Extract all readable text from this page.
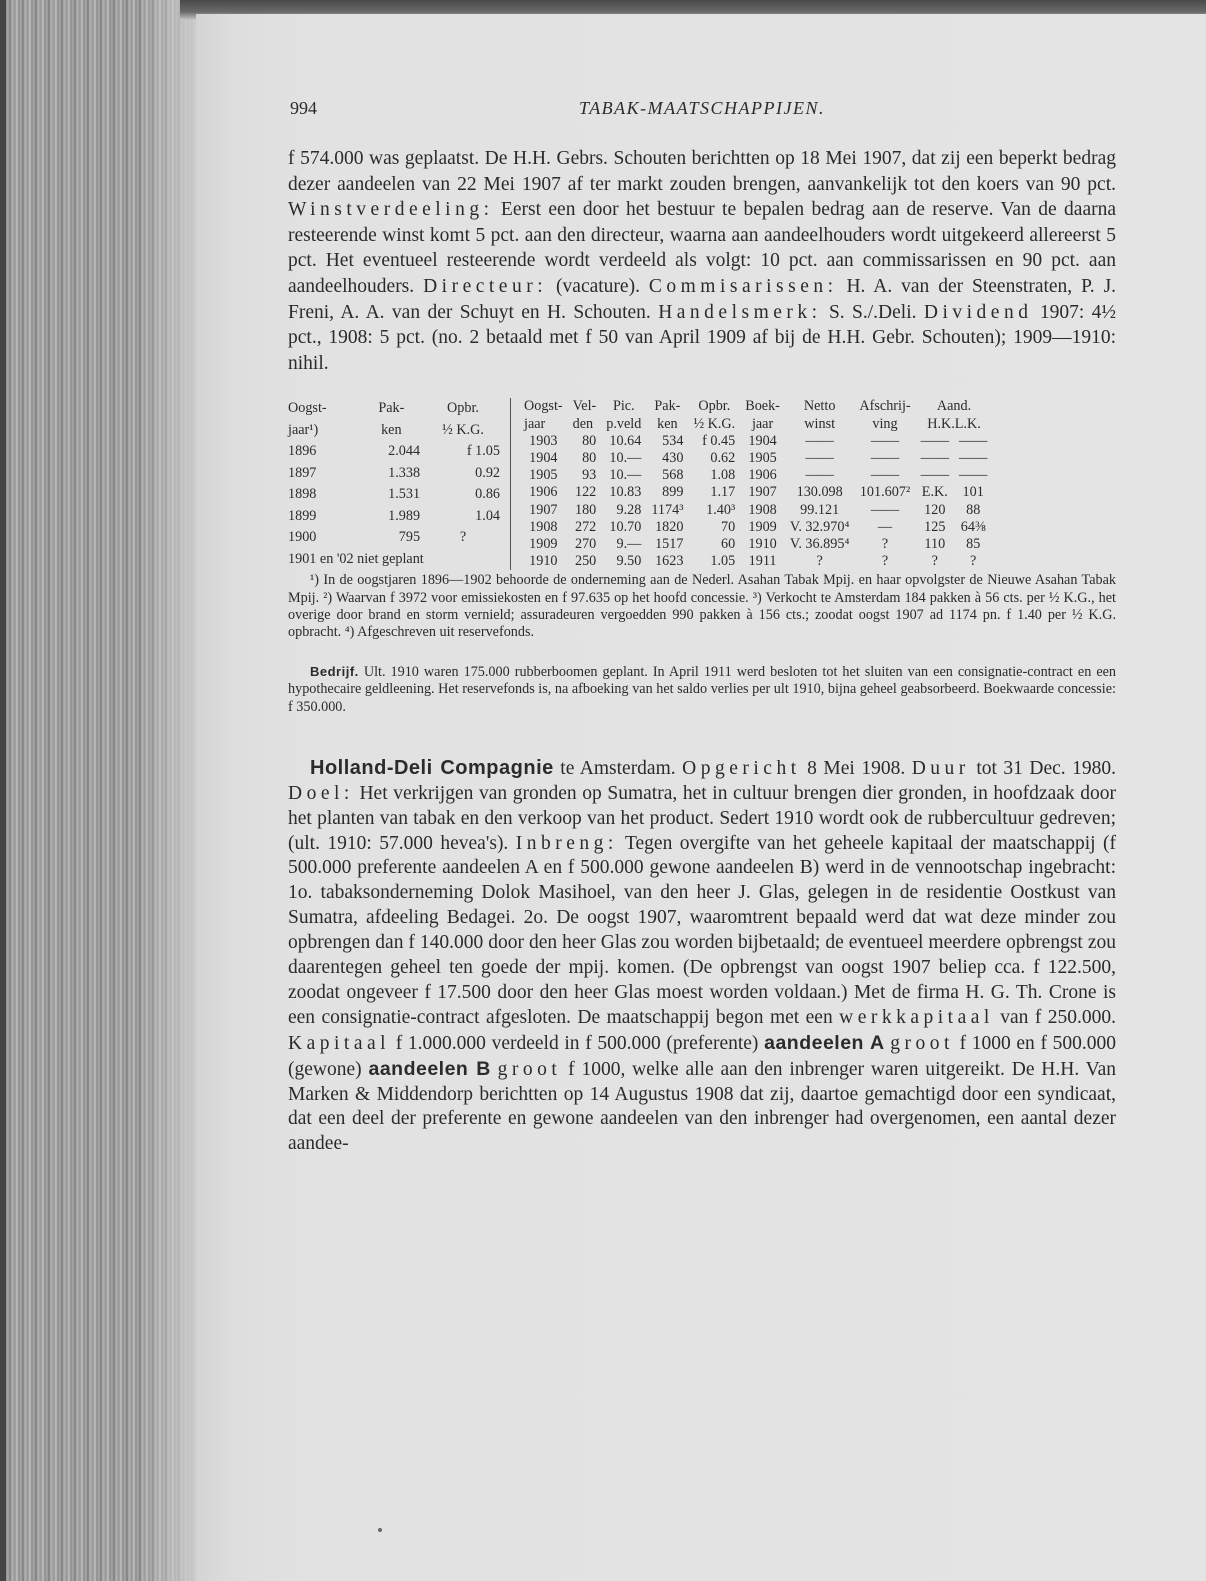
994	TABAK-MAATSCHAPPIJEN.

f 574.000 was geplaatst. De H.H. Gebrs. Schouten berichtten op 18 Mei 1907, dat zij een beperkt bedrag dezer aandeelen van 22 Mei 1907 af ter markt zouden brengen, aanvankelijk tot den koers van 90 pct. Winstverdeeling: Eerst een door het bestuur te bepalen bedrag aan de reserve. Van de daarna resteerende winst komt 5 pct. aan den directeur, waarna aan aandeelhouders wordt uitgekeerd allereerst 5 pct. Het eventueel resteerende wordt verdeeld als volgt: 10 pct. aan commissarissen en 90 pct. aan aandeelhouders. Directeur: (vacature). Commisarissen: H. A. van der Steenstraten, P. J. Freni, A. A. van der Schuyt en H. Schouten. Handelsmerk: S. S./.Deli. Dividend 1907: 4½ pct., 1908: 5 pct. (no. 2 betaald met f 50 van April 1909 af bij de H.H. Gebr. Schouten); 1909—1910: nihil.

Oogst-	Pak-	Opbr.
jaar¹)	ken	½ K.G.
1896	2.044	f 1.05
1897	1.338	0.92
1898	1.531	0.86
1899	1.989	1.04
1900	795	?
1901 en '02 niet geplant		
Oogst-	Vel-	Pic.	Pak-	Opbr.	Boek-	Netto	Afschrij-	Aand.	
jaar	den	p.veld	ken	½ K.G.	jaar	winst	ving	H.K.L.K.	
1903	80	10.64	534	f 0.45	1904	——	——	——	——
1904	80	10.—	430	0.62	1905	——	——	——	——
1905	93	10.—	568	1.08	1906	——	——	——	——
1906	122	10.83	899	1.17	1907	130.098	101.607²	E.K.	101
1907	180	9.28	1174³	1.40³	1908	99.121	——	120	88
1908	272	10.70	1820	70	1909	V. 32.970⁴	—	125	64⅜
1909	270	9.—	1517	60	1910	V. 36.895⁴	?	110	85
1910	250	9.50	1623	1.05	1911	?	?	?	?

¹) In de oogstjaren 1896—1902 behoorde de onderneming aan de Nederl. Asahan Tabak Mpij. en haar opvolgster de Nieuwe Asahan Tabak Mpij. ²) Waarvan f 3972 voor emissiekosten en f 97.635 op het hoofd concessie. ³) Verkocht te Amsterdam 184 pakken à 56 cts. per ½ K.G., het overige door brand en storm vernield; assuradeuren vergoedden 990 pakken à 156 cts.; zoodat oogst 1907 ad 1174 pn. f 1.40 per ½ K.G. opbracht. ⁴) Afgeschreven uit reservefonds.

Bedrijf. Ult. 1910 waren 175.000 rubberboomen geplant. In April 1911 werd besloten tot het sluiten van een consignatie-contract en een hypothecaire geldleening. Het reservefonds is, na afboeking van het saldo verlies per ult 1910, bijna geheel geabsorbeerd. Boekwaarde concessie: f 350.000.

Holland-Deli Compagnie te Amsterdam. Opgericht 8 Mei 1908. Duur tot 31 Dec. 1980. Doel: Het verkrijgen van gronden op Sumatra, het in cultuur brengen dier gronden, in hoofdzaak door het planten van tabak en den verkoop van het product. Sedert 1910 wordt ook de rubbercultuur gedreven; (ult. 1910: 57.000 hevea's). Inbreng: Tegen overgifte van het geheele kapitaal der maatschappij (f 500.000 preferente aandeelen A en f 500.000 gewone aandeelen B) werd in de vennootschap ingebracht: 1o. tabaksonderneming Dolok Masihoel, van den heer J. Glas, gelegen in de residentie Oostkust van Sumatra, afdeeling Bedagei. 2o. De oogst 1907, waaromtrent bepaald werd dat wat deze minder zou opbrengen dan f 140.000 door den heer Glas zou worden bijbetaald; de eventueel meerdere opbrengst zou daarentegen geheel ten goede der mpij. komen. (De opbrengst van oogst 1907 beliep cca. f 122.500, zoodat ongeveer f 17.500 door den heer Glas moest worden voldaan.) Met de firma H. G. Th. Crone is een consignatie-contract afgesloten. De maatschappij begon met een werkkapitaal van f 250.000. Kapitaal f 1.000.000 verdeeld in f 500.000 (preferente) aandeelen A groot f 1000 en f 500.000 (gewone) aandeelen B groot f 1000, welke alle aan den inbrenger waren uitgereikt. De H.H. Van Marken & Middendorp berichtten op 14 Augustus 1908 dat zij, daartoe gemachtigd door een syndicaat, dat een deel der preferente en gewone aandeelen van den inbrenger had overgenomen, een aantal dezer aandee-
